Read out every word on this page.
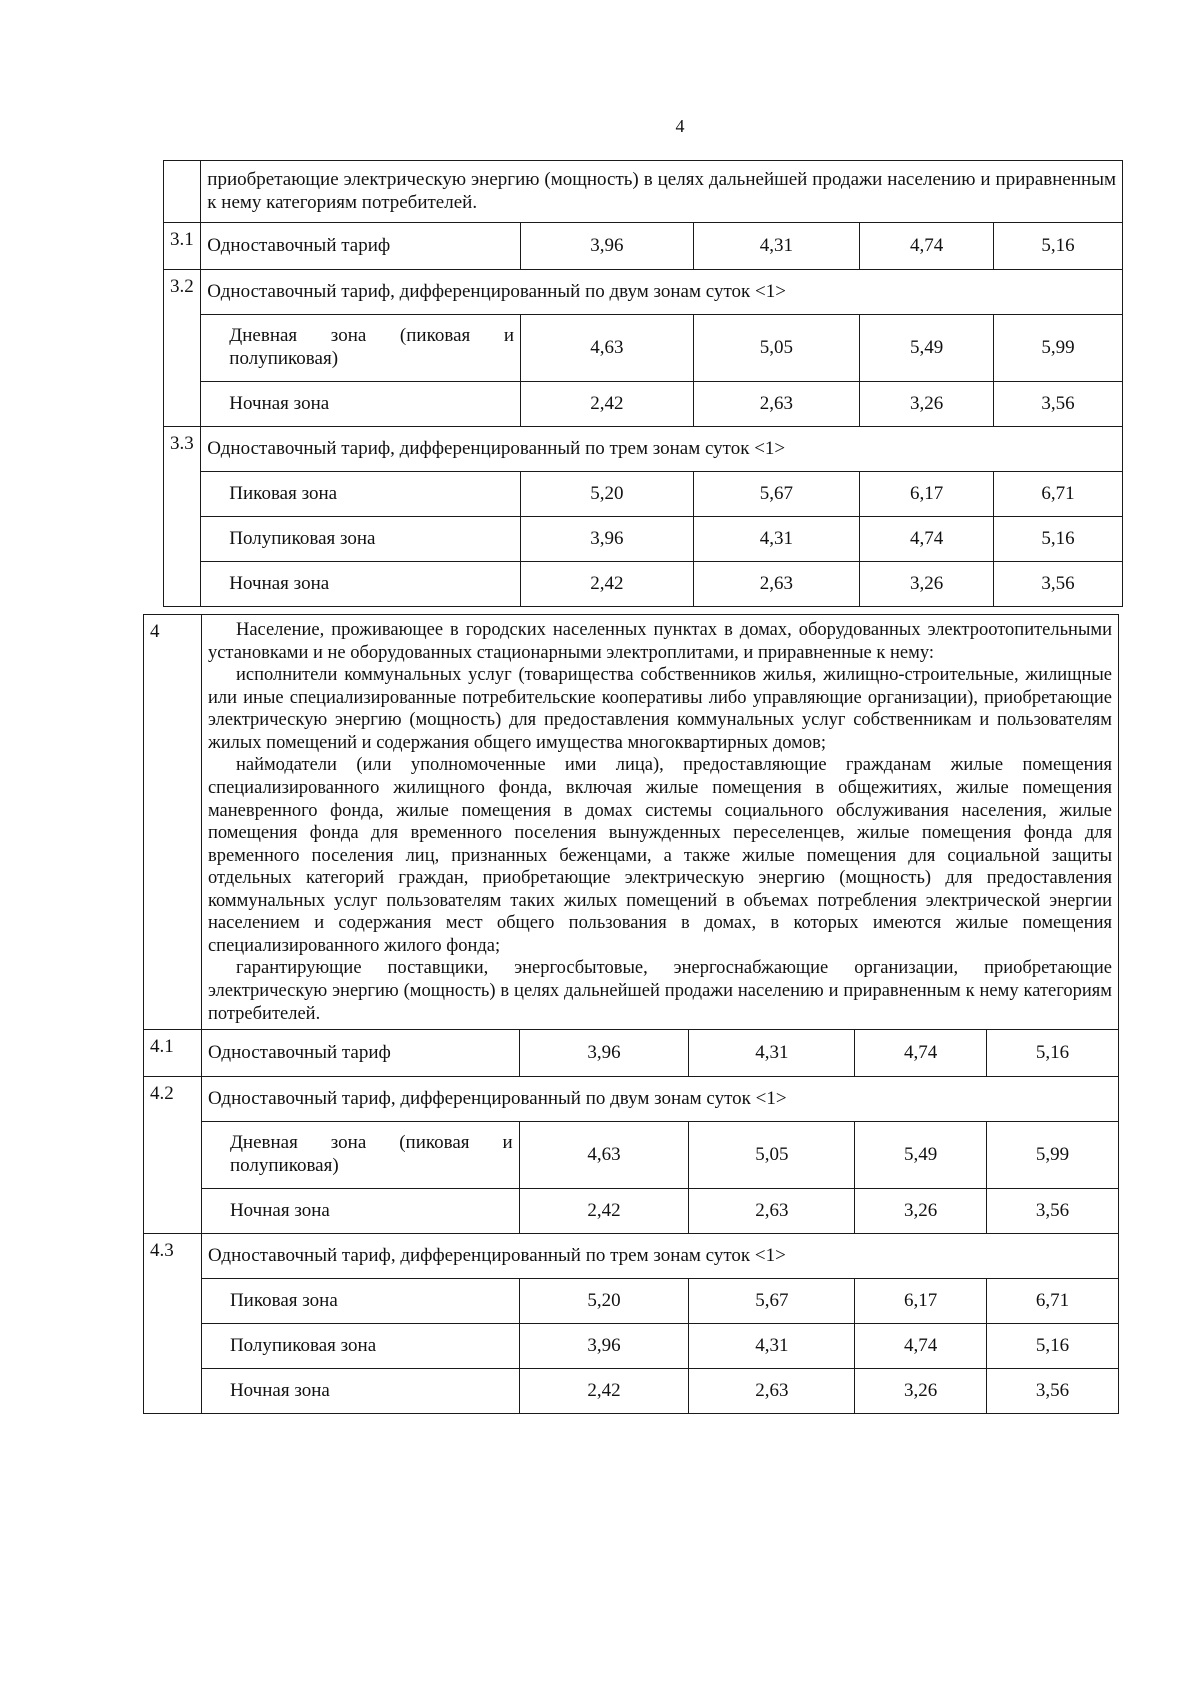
4
	приобретающие электрическую энергию (мощность) в целях дальнейшей продажи населению и приравненным к нему категориям потребителей.				
3.1	Одноставочный тариф	3,96	4,31	4,74	5,16
3.2	Одноставочный тариф, дифференцированный по двум зонам суток <1>				
	Дневная зона (пиковая и полупиковая)	4,63	5,05	5,49	5,99
	Ночная зона	2,42	2,63	3,26	3,56
3.3	Одноставочный тариф, дифференцированный по трем зонам суток <1>				
	Пиковая зона	5,20	5,67	6,17	6,71
	Полупиковая зона	3,96	4,31	4,74	5,16
	Ночная зона	2,42	2,63	3,26	3,56
4	Население, проживающее в городских населенных пунктах в домах, оборудованных электроотопительными установками и не оборудованных стационарными электроплитами, и приравненные к нему:

исполнители коммунальных услуг (товарищества собственников жилья, жилищно-строительные, жилищные или иные специализированные потребительские кооперативы либо управляющие организации), приобретающие электрическую энергию (мощность) для предоставления коммунальных услуг собственникам и пользователям жилых помещений и содержания общего имущества многоквартирных домов;

наймодатели (или уполномоченные ими лица), предоставляющие гражданам жилые помещения специализированного жилищного фонда, включая жилые помещения в общежитиях, жилые помещения маневренного фонда, жилые помещения в домах системы социального обслуживания населения, жилые помещения фонда для временного поселения вынужденных переселенцев, жилые помещения фонда для временного поселения лиц, признанных беженцами, а также жилые помещения для социальной защиты отдельных категорий граждан, приобретающие электрическую энергию (мощность) для предоставления коммунальных услуг пользователям таких жилых помещений в объемах потребления электрической энергии населением и содержания мест общего пользования в домах, в которых имеются жилые помещения специализированного жилого фонда;

гарантирующие поставщики, энергосбытовые, энергоснабжающие организации, приобретающие электрическую энергию (мощность) в целях дальнейшей продажи населению и приравненным к нему категориям потребителей.				

4.1	Одноставочный тариф	3,96	4,31	4,74	5,16
4.2	Одноставочный тариф, дифференцированный по двум зонам суток <1>				
	Дневная зона (пиковая и полупиковая)	4,63	5,05	5,49	5,99
	Ночная зона	2,42	2,63	3,26	3,56
4.3	Одноставочный тариф, дифференцированный по трем зонам суток <1>				
	Пиковая зона	5,20	5,67	6,17	6,71
	Полупиковая зона	3,96	4,31	4,74	5,16
	Ночная зона	2,42	2,63	3,26	3,56
